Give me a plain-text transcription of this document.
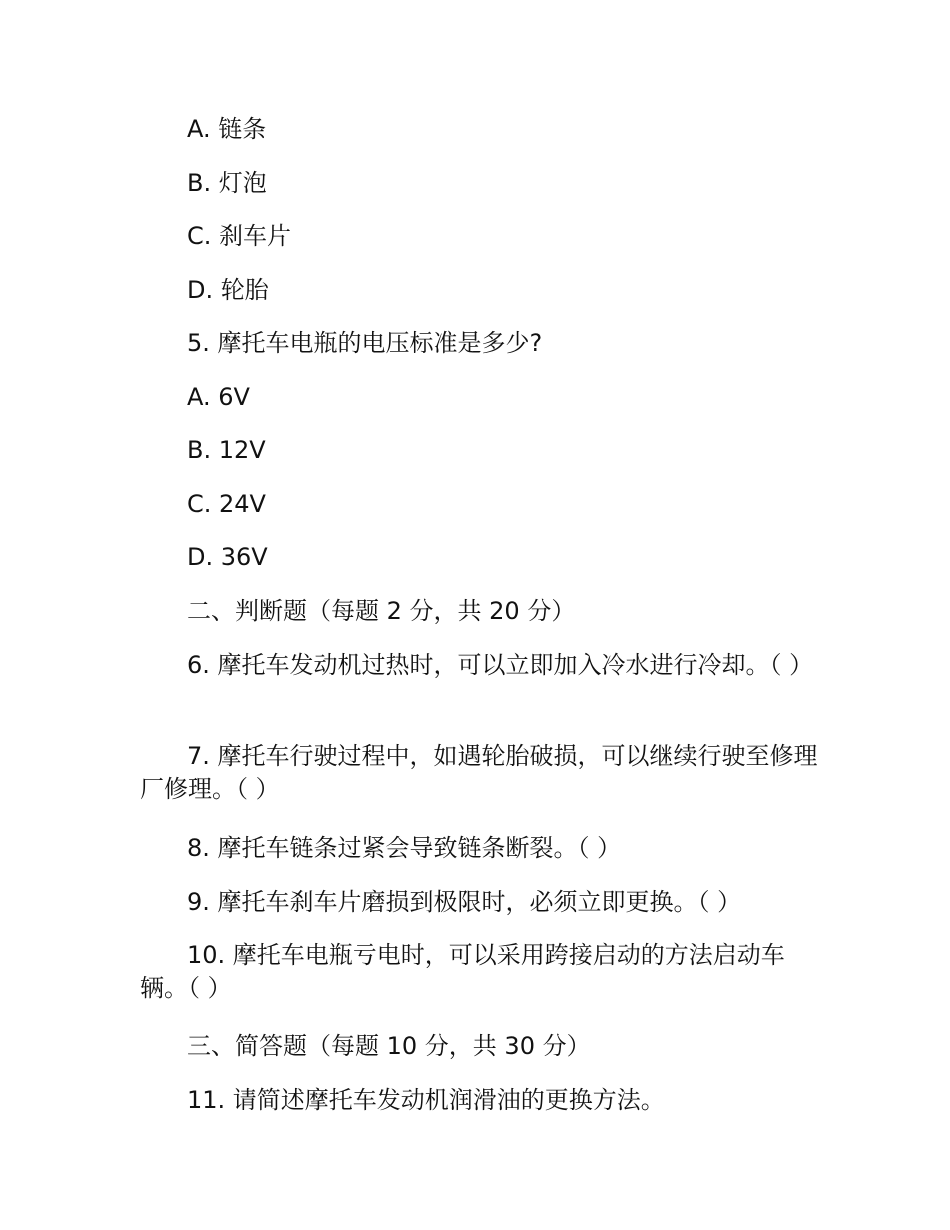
A. 链条
B. 灯泡
C. 刹车片
D. 轮胎
5. 摩托车电瓶的电压标准是多少?
A. 6V
B. 12V
C. 24V
D. 36V
二、判断题（每题 2 分，共 20 分）
6. 摩托车发动机过热时，可以立即加入冷水进行冷却。（ ）
7. 摩托车行驶过程中，如遇轮胎破损，可以继续行驶至修理厂修理。（ ）
8. 摩托车链条过紧会导致链条断裂。（ ）
9. 摩托车刹车片磨损到极限时，必须立即更换。（ ）
10. 摩托车电瓶亏电时，可以采用跨接启动的方法启动车辆。（ ）
三、简答题（每题 10 分，共 30 分）
11. 请简述摩托车发动机润滑油的更换方法。
